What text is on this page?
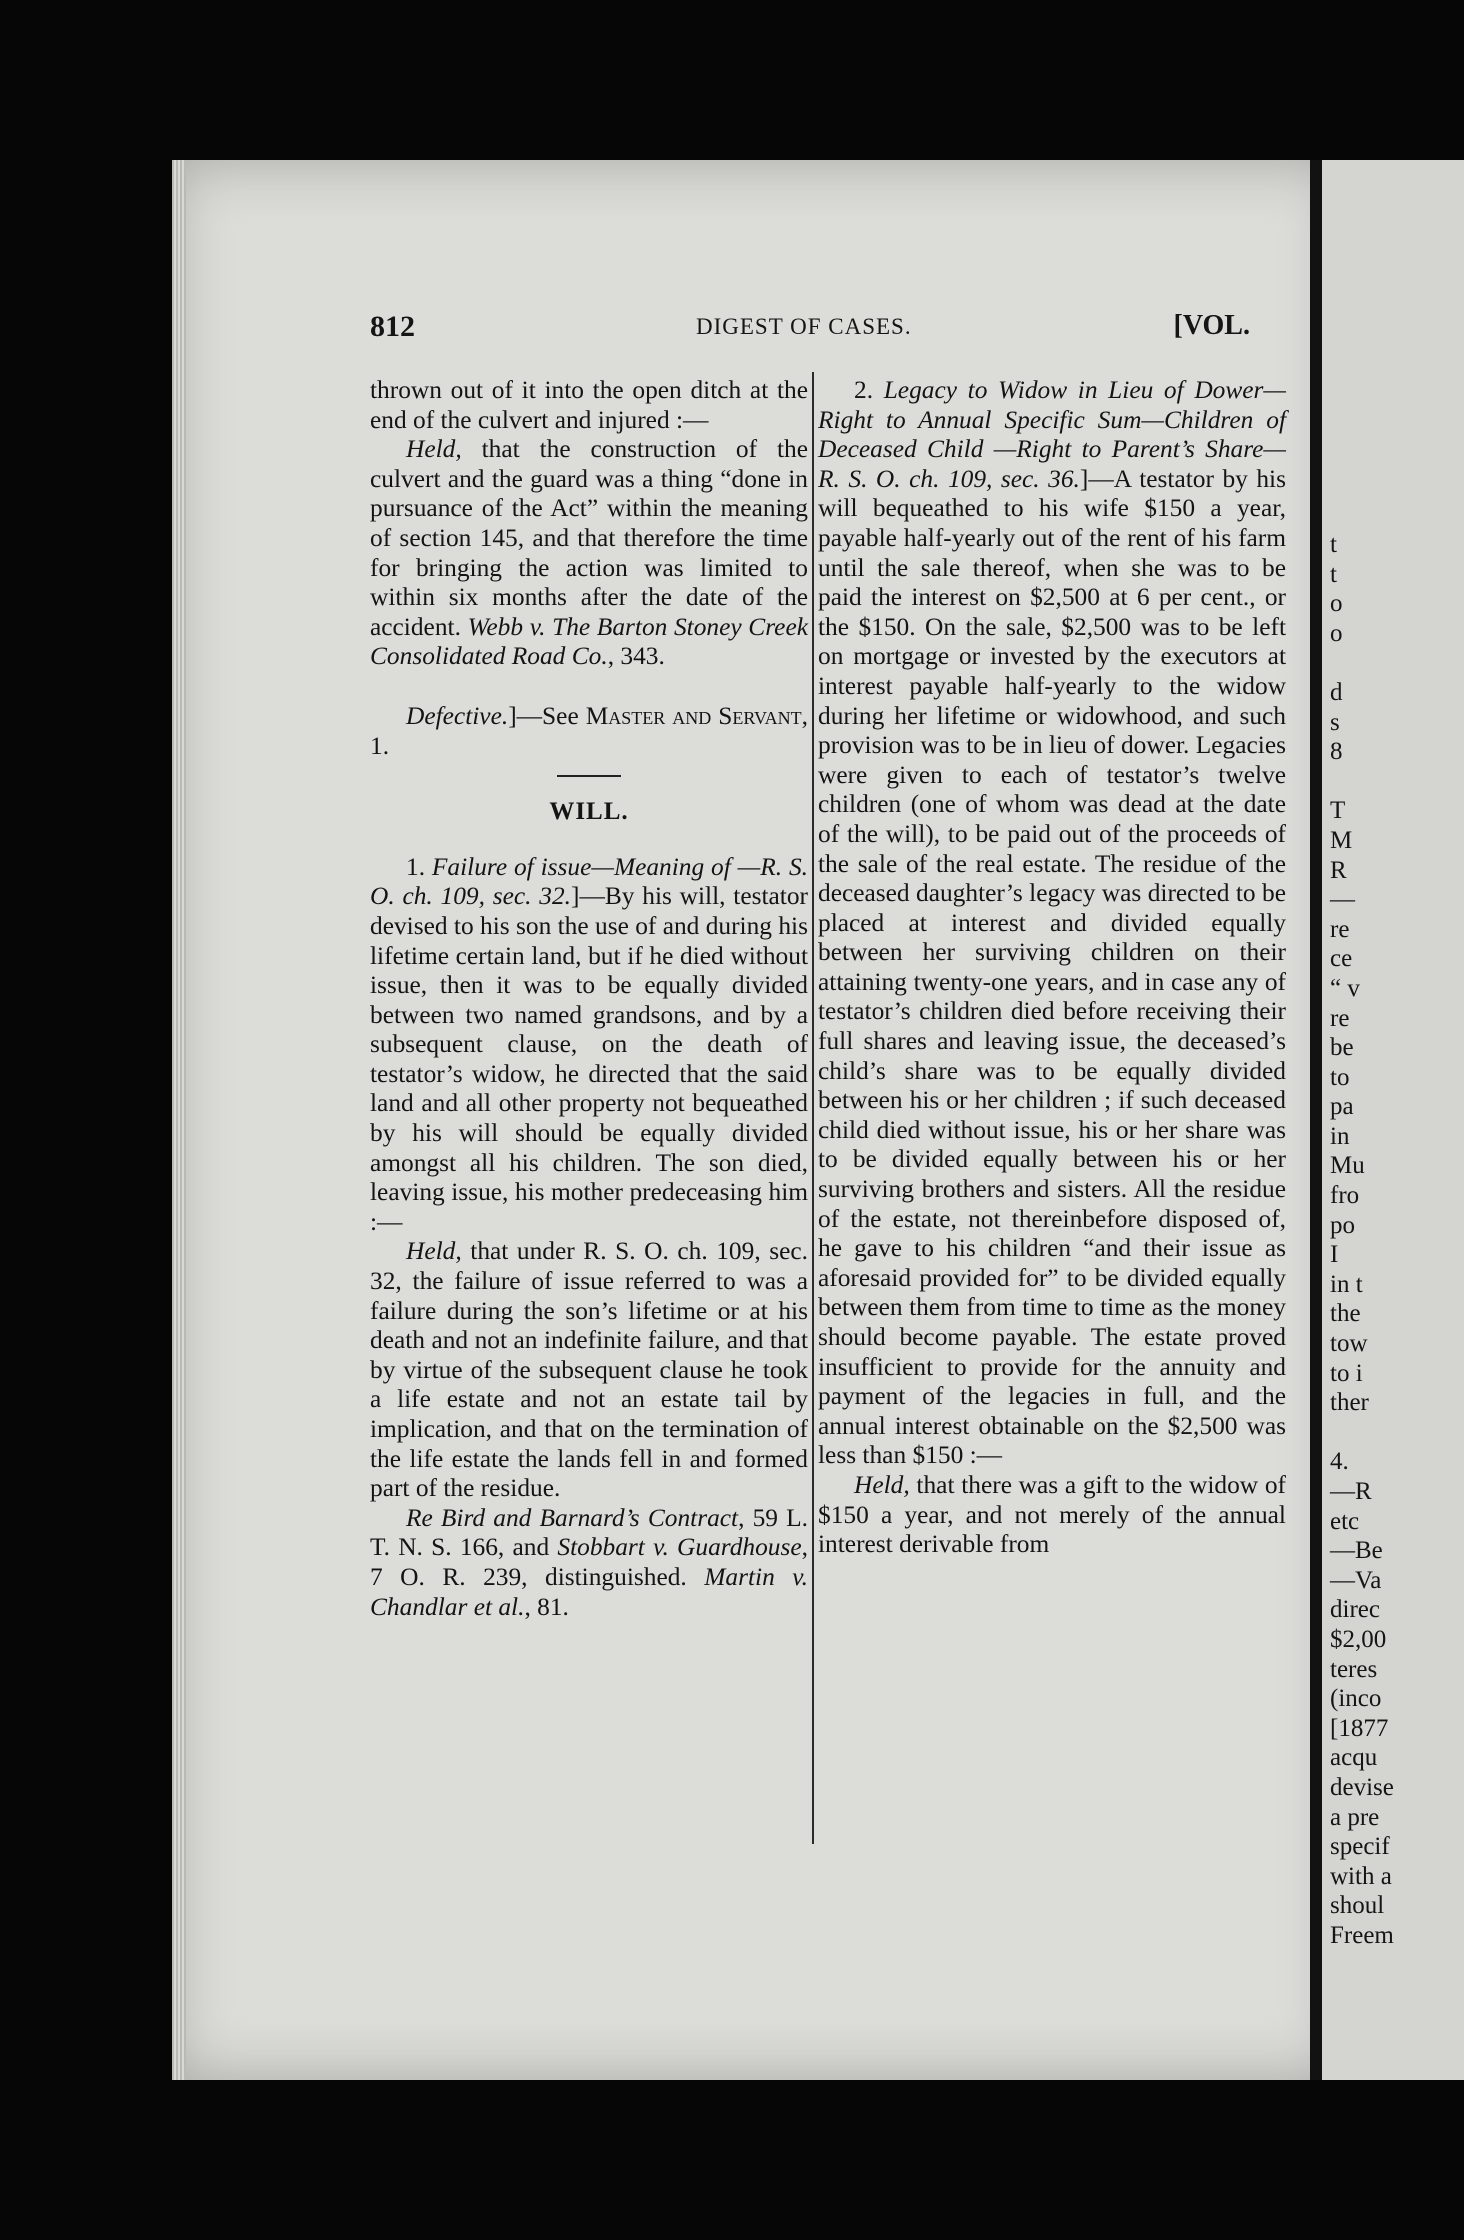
t
t
o
o

d
s
8

T
M
R
—
re
ce
“ v
re
be
to
pa
in
Mu
fro
po
I
in t
the
tow
to i
ther

4.
—R
etc
—Be
—Va
direc
$2,00
teres
(inco
[1877
acqu
devise
a pre
specif
with a
shoul
Freem
812	DIGEST OF CASES.	[VOL.

thrown out of it into the open ditch at the end of the culvert and injured :—

Held, that the construction of the culvert and the guard was a thing “done in pursuance of the Act” within the meaning of section 145, and that therefore the time for bringing the action was limited to within six months after the date of the accident. Webb v. The Barton Stoney Creek Consolidated Road Co., 343.

Defective.]—See Master and Servant, 1.

WILL.

1. Failure of issue—Meaning of —R. S. O. ch. 109, sec. 32.]—By his will, testator devised to his son the use of and during his lifetime certain land, but if he died without issue, then it was to be equally divided between two named grandsons, and by a subsequent clause, on the death of testator’s widow, he directed that the said land and all other property not bequeathed by his will should be equally divided amongst all his children. The son died, leaving issue, his mother predeceasing him :—

Held, that under R. S. O. ch. 109, sec. 32, the failure of issue referred to was a failure during the son’s lifetime or at his death and not an indefinite failure, and that by virtue of the subsequent clause he took a life estate and not an estate tail by implication, and that on the termination of the life estate the lands fell in and formed part of the residue.

Re Bird and Barnard’s Contract, 59 L. T. N. S. 166, and Stobbart v. Guardhouse, 7 O. R. 239, distinguished. Martin v. Chandlar et al., 81.

2. Legacy to Widow in Lieu of Dower—Right to Annual Specific Sum—Children of Deceased Child —Right to Parent’s Share—R. S. O. ch. 109, sec. 36.]—A testator by his will bequeathed to his wife $150 a year, payable half-yearly out of the rent of his farm until the sale thereof, when she was to be paid the interest on $2,500 at 6 per cent., or the $150. On the sale, $2,500 was to be left on mortgage or invested by the executors at interest payable half-yearly to the widow during her lifetime or widowhood, and such provision was to be in lieu of dower. Legacies were given to each of testator’s twelve children (one of whom was dead at the date of the will), to be paid out of the proceeds of the sale of the real estate. The residue of the deceased daughter’s legacy was directed to be placed at interest and divided equally between her surviving children on their attaining twenty-one years, and in case any of testator’s children died before receiving their full shares and leaving issue, the deceased’s child’s share was to be equally divided between his or her children ; if such deceased child died without issue, his or her share was to be divided equally between his or her surviving brothers and sisters. All the residue of the estate, not thereinbefore disposed of, he gave to his children “and their issue as aforesaid provided for” to be divided equally between them from time to time as the money should become payable. The estate proved insufficient to provide for the annuity and payment of the legacies in full, and the annual interest obtainable on the $2,500 was less than $150 :—

Held, that there was a gift to the widow of $150 a year, and not merely of the annual interest derivable from
